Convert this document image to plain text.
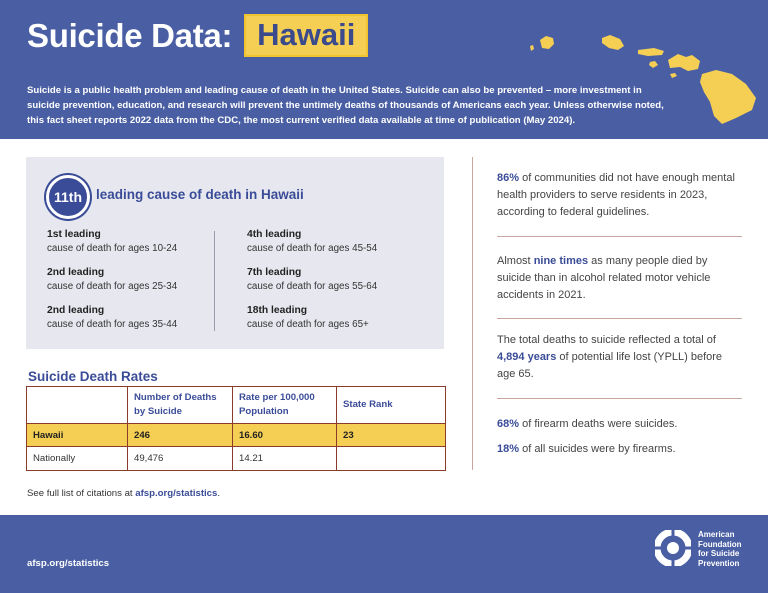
Suicide Data: Hawaii

Suicide is a public health problem and leading cause of death in the United States. Suicide can also be prevented – more investment in suicide prevention, education, and research will prevent the untimely deaths of thousands of Americans each year. Unless otherwise noted, this fact sheet reports 2022 data from the CDC, the most current verified data available at time of publication (May 2024).

11th	leading cause of death in Hawaii
1st leading
cause of death for ages 10-24
2nd leading
cause of death for ages 25-34
2nd leading
cause of death for ages 35-44
4th leading
cause of death for ages 45-54
7th leading
cause of death for ages 55-64
18th leading
cause of death for ages 65+
Suicide Death Rates
	Number of Deaths by Suicide	Rate per 100,000 Population	State Rank
Hawaii	246	16.60	23
Nationally	49,476	14.21	
See full list of citations at afsp.org/statistics.

86% of communities did not have enough mental health providers to serve residents in 2023, according to federal guidelines.

Almost nine times as many people died by suicide than in alcohol related motor vehicle accidents in 2021.

The total deaths to suicide reflected a total of 4,894 years of potential life lost (YPLL) before age 65.

68% of firearm deaths were suicides.

18% of all suicides were by firearms.

afsp.org/statistics
American
Foundation
for Suicide
Prevention
